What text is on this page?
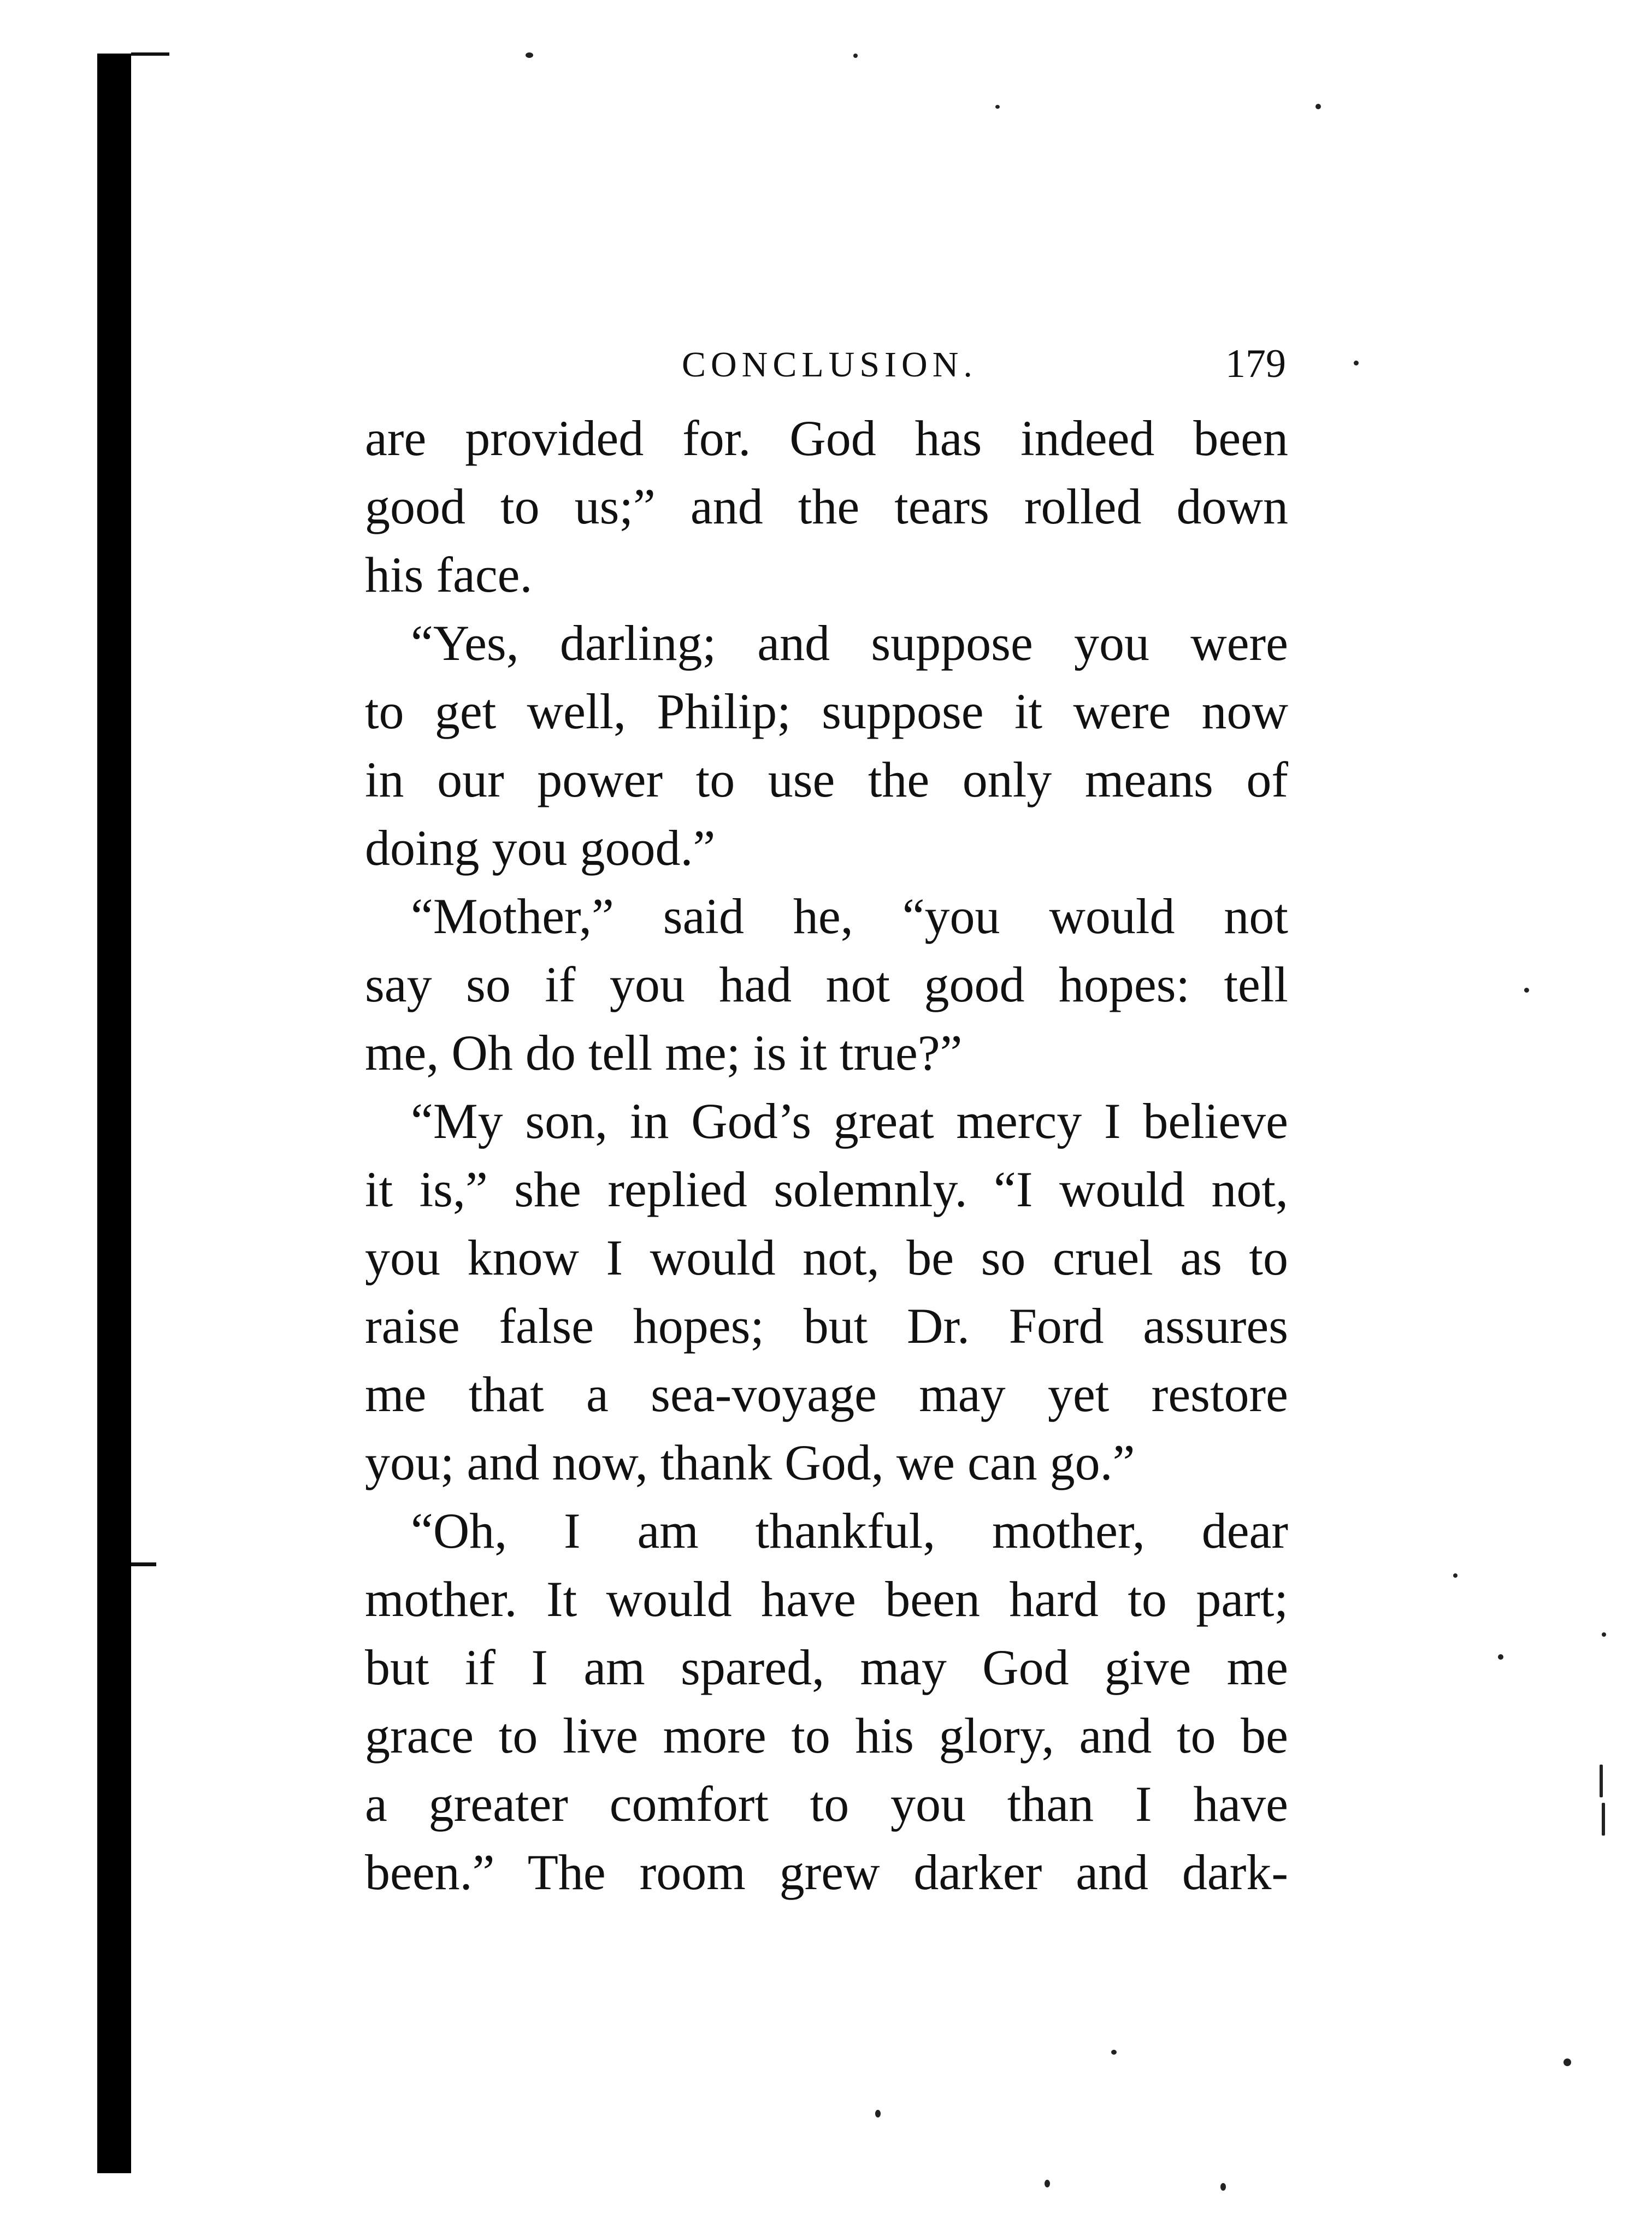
CONCLUSION.	179
are provided for. God has indeed been
good to us;” and the tears rolled down
his face.
“Yes, darling; and suppose you were
to get well, Philip; suppose it were now
in our power to use the only means of
doing you good.”
“Mother,” said he, “you would not
say so if you had not good hopes: tell
me, Oh do tell me; is it true?”
“My son, in God’s great mercy I believe
it is,” she replied solemnly. “I would not,
you know I would not, be so cruel as to
raise false hopes; but Dr. Ford assures
me that a sea-voyage may yet restore
you; and now, thank God, we can go.”
“Oh, I am thankful, mother, dear
mother. It would have been hard to part;
but if I am spared, may God give me
grace to live more to his glory, and to be
a greater comfort to you than I have
been.” The room grew darker and dark-
